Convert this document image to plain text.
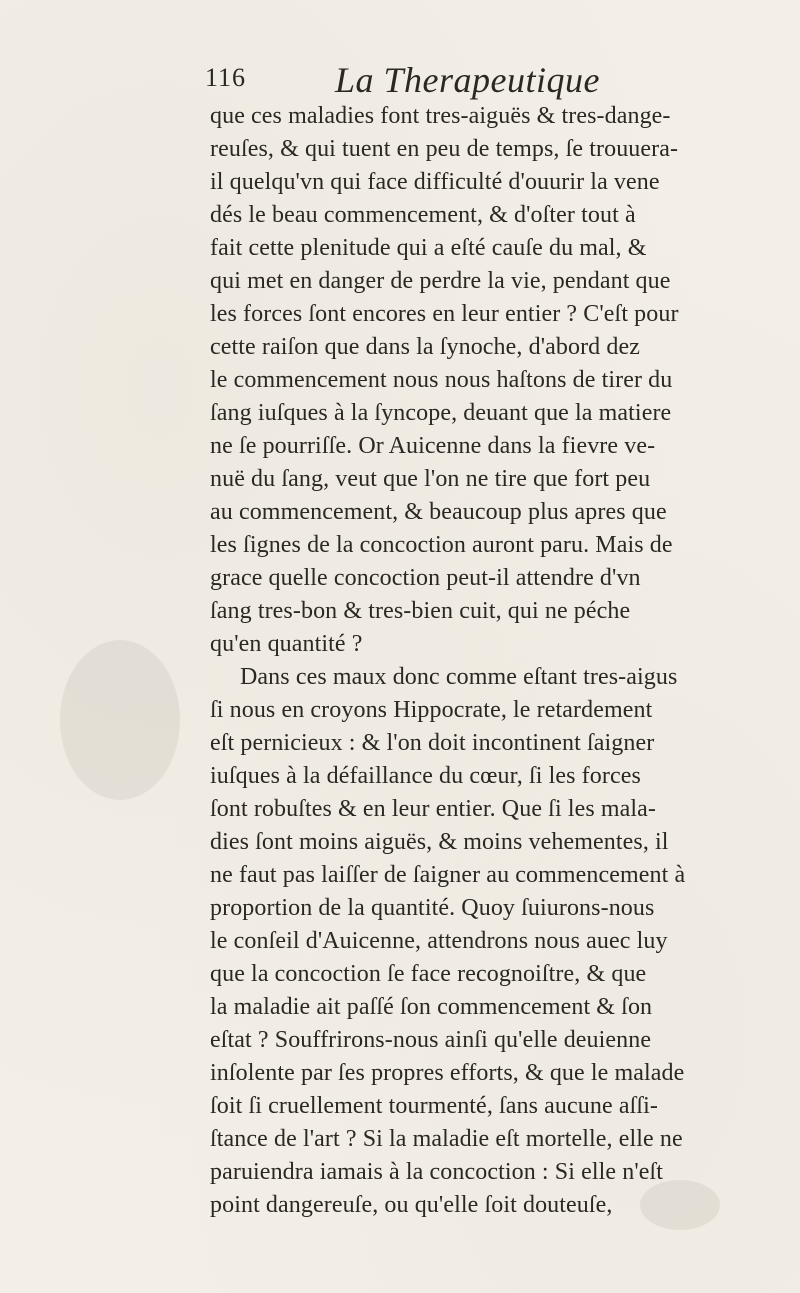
116 La Therapeutique
que ces maladies font tres-aiguës & tres-dange-
reuſes, & qui tuent en peu de temps, ſe trouuera-
il quelqu'vn qui face difficulté d'ouurir la vene
dés le beau commencement, & d'oſter tout à
fait cette plenitude qui a eſté cauſe du mal, &
qui met en danger de perdre la vie, pendant que
les forces ſont encores en leur entier ? C'eſt pour
cette raiſon que dans la ſynoche, d'abord dez
le commencement nous nous haſtons de tirer du
ſang iuſques à la ſyncope, deuant que la matiere
ne ſe pourriſſe. Or Auicenne dans la fievre ve-
nuë du ſang, veut que l'on ne tire que fort peu
au commencement, & beaucoup plus apres que
les ſignes de la concoction auront paru. Mais de
grace quelle concoction peut-il attendre d'vn
ſang tres-bon & tres-bien cuit, qui ne péche
qu'en quantité ?
Dans ces maux donc comme eſtant tres-aigus
ſi nous en croyons Hippocrate, le retardement
eſt pernicieux : & l'on doit incontinent ſaigner
iuſques à la défaillance du cœur, ſi les forces
ſont robuſtes & en leur entier. Que ſi les mala-
dies ſont moins aiguës, & moins vehementes, il
ne faut pas laiſſer de ſaigner au commencement à
proportion de la quantité. Quoy ſuiurons-nous
le conſeil d'Auicenne, attendrons nous auec luy
que la concoction ſe face recognoiſtre, & que
la maladie ait paſſé ſon commencement & ſon
eſtat ? Souffrirons-nous ainſi qu'elle deuienne
inſolente par ſes propres efforts, & que le malade
ſoit ſi cruellement tourmenté, ſans aucune aſſi-
ſtance de l'art ? Si la maladie eſt mortelle, elle ne
paruiendra iamais à la concoction : Si elle n'eſt
point dangereuſe, ou qu'elle ſoit douteuſe,
